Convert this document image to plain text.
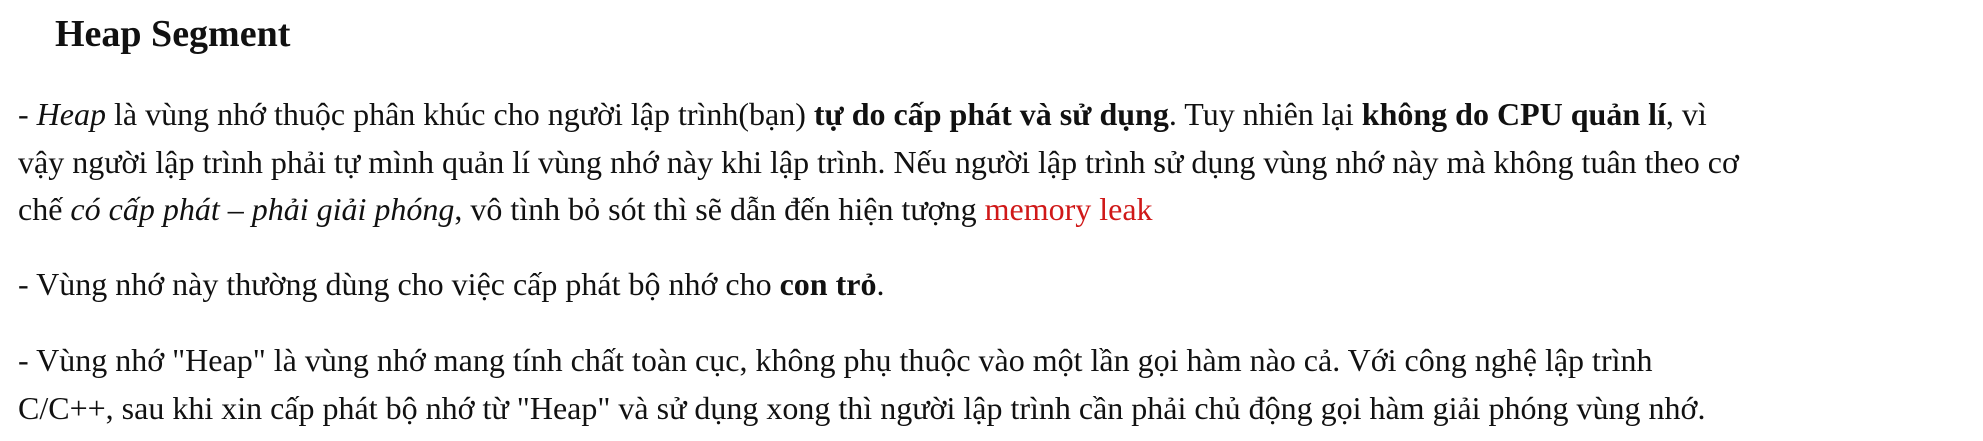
Heap Segment

- Heap là vùng nhớ thuộc phân khúc cho người lập trình(bạn) tự do cấp phát và sử dụng. Tuy nhiên lại không do CPU quản lí, vì
vậy người lập trình phải tự mình quản lí vùng nhớ này khi lập trình. Nếu người lập trình sử dụng vùng nhớ này mà không tuân theo cơ
chế có cấp phát – phải giải phóng, vô tình bỏ sót thì sẽ dẫn đến hiện tượng memory leak

- Vùng nhớ này thường dùng cho việc cấp phát bộ nhớ cho con trỏ.

- Vùng nhớ "Heap" là vùng nhớ mang tính chất toàn cục, không phụ thuộc vào một lần gọi hàm nào cả. Với công nghệ lập trình
C/C++, sau khi xin cấp phát bộ nhớ từ "Heap" và sử dụng xong thì người lập trình cần phải chủ động gọi hàm giải phóng vùng nhớ.
